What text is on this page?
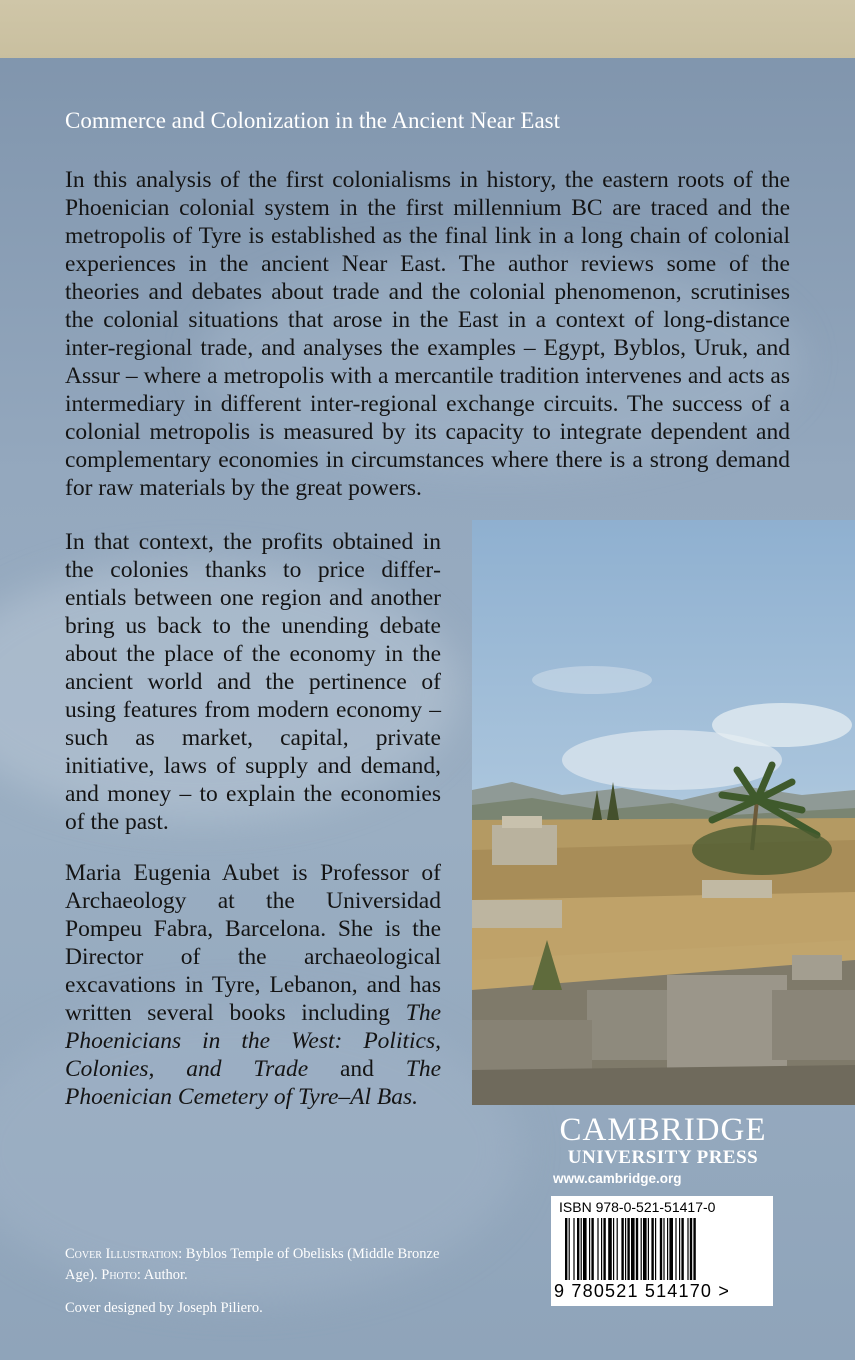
Commerce and Colonization in the Ancient Near East
In this analysis of the first colonialisms in history, the eastern roots of the Phoenician colonial system in the first millennium BC are traced and the metropolis of Tyre is established as the final link in a long chain of colonial experiences in the ancient Near East. The author reviews some of the theories and debates about trade and the colonial phenomenon, scrutinises the colonial situations that arose in the East in a context of long-distance inter-regional trade, and analyses the examples – Egypt, Byblos, Uruk, and Assur – where a metropolis with a mercantile tradition intervenes and acts as intermediary in different inter-regional exchange circuits. The success of a colonial metropolis is measured by its capacity to integrate dependent and complementary economies in circumstances where there is a strong demand for raw materials by the great powers.
In that context, the profits obtained in the colonies thanks to price differentials between one region and another bring us back to the unending debate about the place of the economy in the ancient world and the pertinence of using features from modern economy – such as market, capital, private initiative, laws of supply and demand, and money – to explain the economies of the past.
Maria Eugenia Aubet is Professor of Archaeology at the Universidad Pompeu Fabra, Barcelona. She is the Director of the archaeological excavations in Tyre, Lebanon, and has written several books including The Phoenicians in the West: Politics, Colonies, and Trade and The Phoenician Cemetery of Tyre–Al Bas.
Cover Illustration: Byblos Temple of Obelisks (Middle Bronze Age). Photo: Author.
Cover designed by Joseph Piliero.
CAMBRIDGE
UNIVERSITY PRESS
www.cambridge.org
ISBN 978-0-521-51417-0
9 780521 514170 >
